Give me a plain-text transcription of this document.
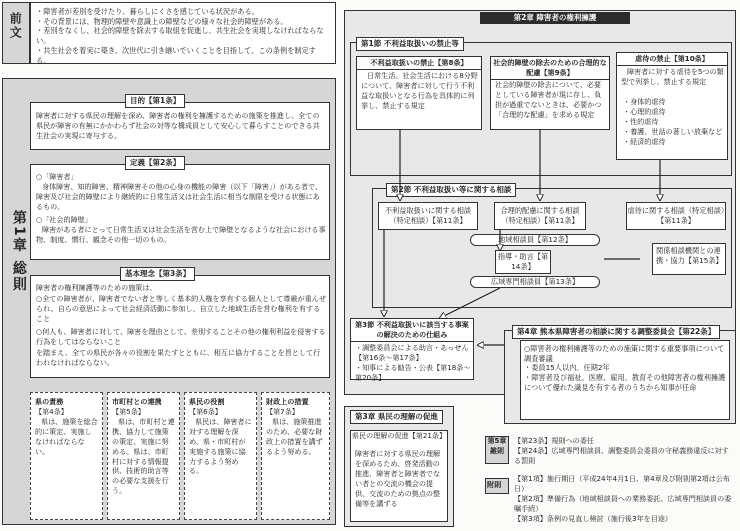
前文
・障害者が差別を受けたり、暮らしにくさを感じている状況がある。
・その背景には、物理的障壁や意識上の障壁などの様々な社会的障壁がある。
・差別をなくし、社会的障壁を除去する取組を促進し、共生社会を実現しなければならない。
・共生社会を着実に築き、次世代に引き継いでいくことを目指して、この条例を制定する。
第1章 総則
目的【第1条】
障害者に対する県民の理解を深め、障害者の権利を擁護するための施策を推進し、全ての県民が障害の有無にかかわらず社会の対等な構成員として安心して暮らすことのできる共生社会の実現に寄与する。
定義【第2条】
○「障害者」
身体障害、知的障害、精神障害その他の心身の機能の障害（以下「障害」）がある者で、障害及び社会的障壁により継続的に日常生活又は社会生活に相当な制限を受ける状態にあるもの。
○「社会的障壁」
障害がある者にとって日常生活又は社会生活を営む上で障壁となるような社会における事物、制度、慣行、観念その他一切のもの。
基本理念【第3条】
障害者の権利擁護等のための施策は、
○全ての障害者が、障害者でない者と等しく基本的人権を享有する個人として尊厳が重んぜられ、自らの意思によって社会経済活動に参加し、自立した地域生活を営む権利を有すること
○何人も、障害者に対して、障害を理由として、差別することその他の権利利益を侵害する行為をしてはならないこと
を踏まえ、全ての県民が各々の役割を果たすとともに、相互に協力することを旨として行われなければならない。
県の責務
【第4条】
県は、施策を総合的に策定、実施しなければならない。
市町村との連携
【第5条】
県は、市町村と連携、協力して施策の策定、実施に努める。県は、市町村に対する情報提供、技術的助言等の必要な支援を行う。
県民の役割
【第6条】
県民は、障害者に対する理解を深め、県・市町村が実施する施策に協力するよう努める。
財政上の措置
【第7条】
県は、施策推進のため、必要な財政上の措置を講ずるよう努める。
第2章 障害者の権利擁護
第1節 不利益取扱いの禁止等
不利益取扱いの禁止【第8条】
日常生活、社会生活における8分野について、障害者に対して行う不利益な取扱いとなる行為を具体的に列挙し、禁止する規定
社会的障壁の除去のための合理的な配慮【第9条】
社会的障壁の除去について、必要としている障害者が現に存し、負担が過重でないときは、必要かつ「合理的な配慮」を求める規定
虐待の禁止【第10条】
障害者に対する虐待を5つの類型で列挙し、禁止する規定
・身体的虐待
・心理的虐待
・性的虐待
・養護、世話の著しい放棄など
・経済的虐待
第2節 不利益取扱い等に関する相談
不利益取扱いに関する相談（特定相談）【第11条】
合理的配慮に関する相談（特定相談）【第11条】
虐待に関する相談（特定相談）【第11条】
地域相談員【第12条】
指導・助言【第14条】
広域専門相談員【第13条】
関係相談機関との連携・協力【第15条】
第3節 不利益取扱いに該当する事案の解決のための仕組み
・調整委員会による助言・あっせん【第16条〜第17条】
・知事による勧告・公表【第18条〜第20条】
第4章 熊本県障害者の相談に関する調整委員会【第22条】
○障害者の権利擁護等のための施策に関する重要事項について調査審議
・委員15人以内、任期2年
・障害者及び福祉、医療、雇用、教育その他障害者の権利擁護について優れた識見を有する者のうちから知事が任命
第3章 県民の理解の促進
県民の理解の促進【第21条】
障害者に対する県民の理解を深めるため、啓発活動の推進、障害者と障害者でない者との交流の機会の提供、交流のための拠点の整備等を講ずる
第5章 雑則
【第23条】規則への委任
【第24条】広域専門相談員、調整委員会委員の守秘義務違反に対する罰則
附則
【第1項】施行期日（平成24年4月1日、第4章及び附則第2項は公布日）
【第2項】準備行為（地域相談員への業務委託、広域専門相談員の委嘱手続）
【第3項】条例の見直し検討（施行後3年を目途）
